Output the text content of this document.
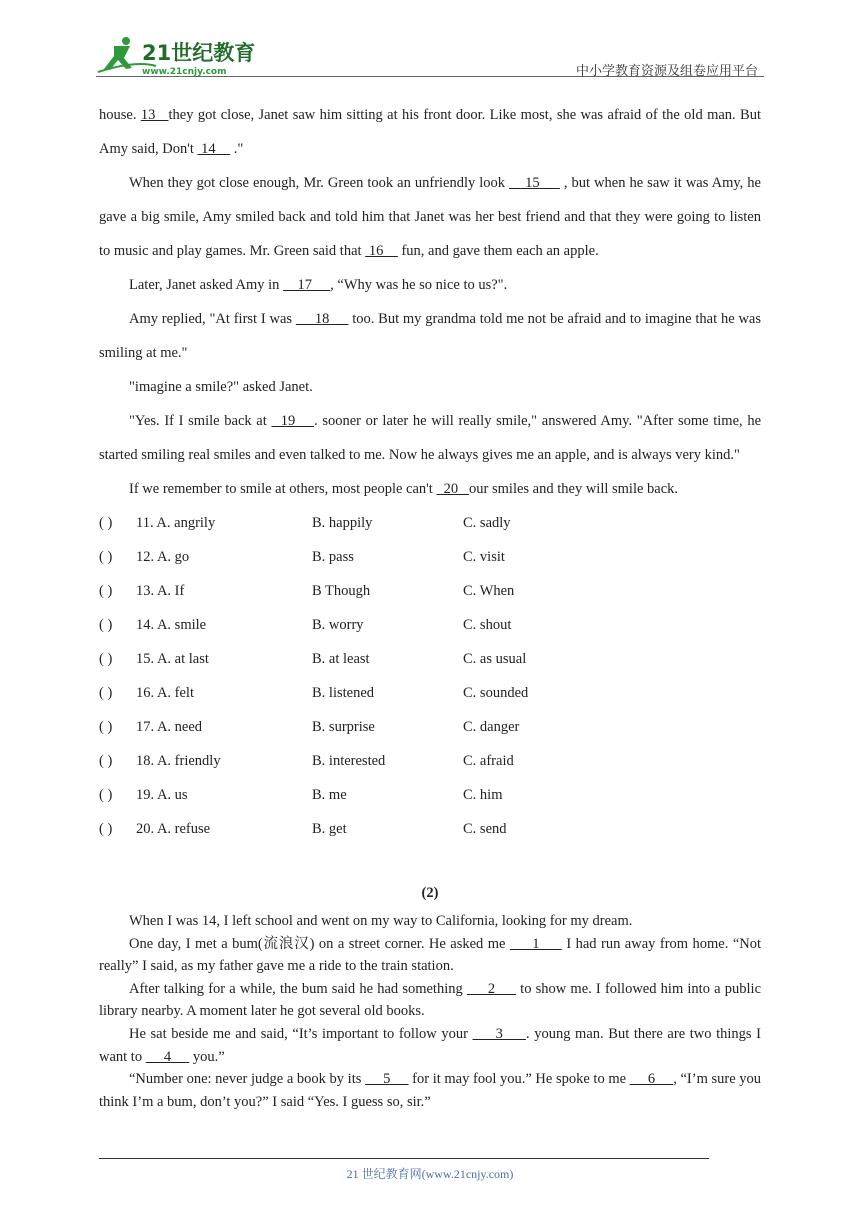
21世纪教育
www.21cnjy.com	中小学教育资源及组卷应用平台

house. 13   they got close, Janet saw him sitting at his front door. Like most, she was afraid of the old man. But Amy said, Don't  14     ."

When they got close enough, Mr. Green took an unfriendly look     15      , but when he saw it was Amy, he gave a big smile, Amy smiled back and told him that Janet was her best friend and that they were going to listen to music and play games. Mr. Green said that  16     fun, and gave them each an apple.

Later, Janet asked Amy in     17     , “Why was he so nice to us?".

Amy replied, "At first I was      18      too. But my grandma told me not be afraid and to imagine that he was smiling at me."

"imagine a smile?" asked Janet.

"Yes. If I smile back at   19    . sooner or later he will really smile," answered Amy. "After some time, he started smiling real smiles and even talked to me. Now he always gives me an apple, and is always very kind."

If we remember to smile at others, most people can't   20   our smiles and they will smile back.

( ) 11. A. angrily	B. happily	C. sadly
( ) 12. A. go	B. pass	C. visit
( ) 13. A. If	B Though	C. When
( ) 14. A. smile	B. worry	C. shout
( ) 15. A. at last	B. at least	C. as usual
( ) 16. A. felt	B. listened	C. sounded
( ) 17. A. need	B. surprise	C. danger
( ) 18. A. friendly	B. interested	C. afraid
( ) 19. A. us	B. me	C. him
( ) 20. A. refuse	B. get	C. send
(2)

When I was 14, I left school and went on my way to California, looking for my dream.

One day, I met a bum(流浪汉) on a street corner. He asked me      1      I had run away from home. “Not really” I said, as my father gave me a ride to the train station.

After talking for a while, the bum said he had something      2      to show me. I followed him into a public library nearby. A moment later he got several old books.

He sat beside me and said, “It’s important to follow your      3     . young man. But there are two things I want to      4      you.”

“Number one: never judge a book by its      5      for it may fool you.” He spoke to me      6     , “I’m sure you think I’m a bum, don’t you?” I said “Yes. I guess so, sir.”

21 世纪教育网(www.21cnjy.com)
